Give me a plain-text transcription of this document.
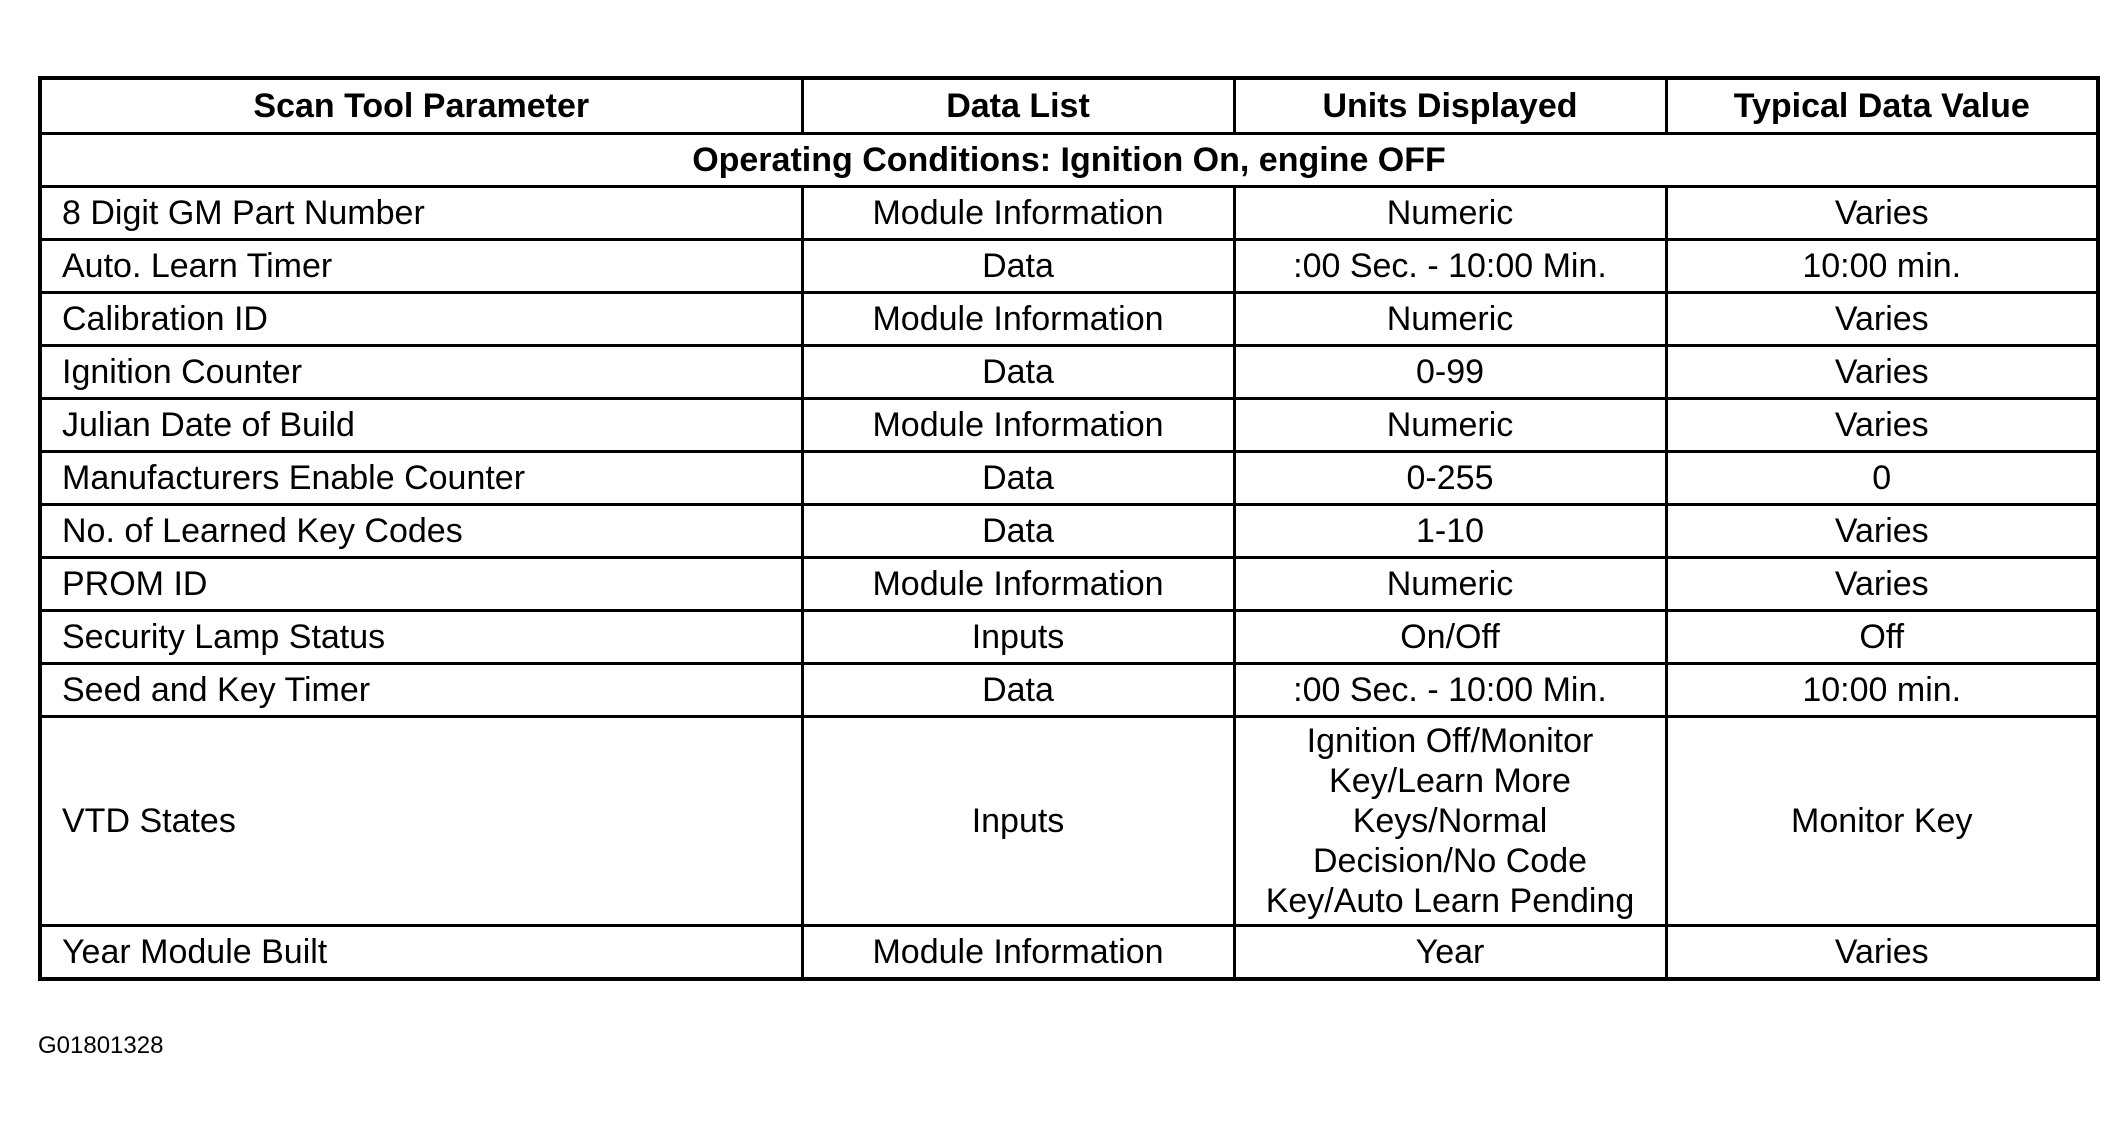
Scan Tool Parameter	Data List	Units Displayed	Typical Data Value
Operating Conditions: Ignition On, engine OFF			
8 Digit GM Part Number	Module Information	Numeric	Varies
Auto. Learn Timer	Data	:00 Sec. - 10:00 Min.	10:00 min.
Calibration ID	Module Information	Numeric	Varies
Ignition Counter	Data	0-99	Varies
Julian Date of Build	Module Information	Numeric	Varies
Manufacturers Enable Counter	Data	0-255	0
No. of Learned Key Codes	Data	1-10	Varies
PROM ID	Module Information	Numeric	Varies
Security Lamp Status	Inputs	On/Off	Off
Seed and Key Timer	Data	:00 Sec. - 10:00 Min.	10:00 min.
VTD States	Inputs	Ignition Off/Monitor
Key/Learn More
Keys/Normal
Decision/No Code
Key/Auto Learn Pending	Monitor Key
Year Module Built	Module Information	Year	Varies
G01801328
